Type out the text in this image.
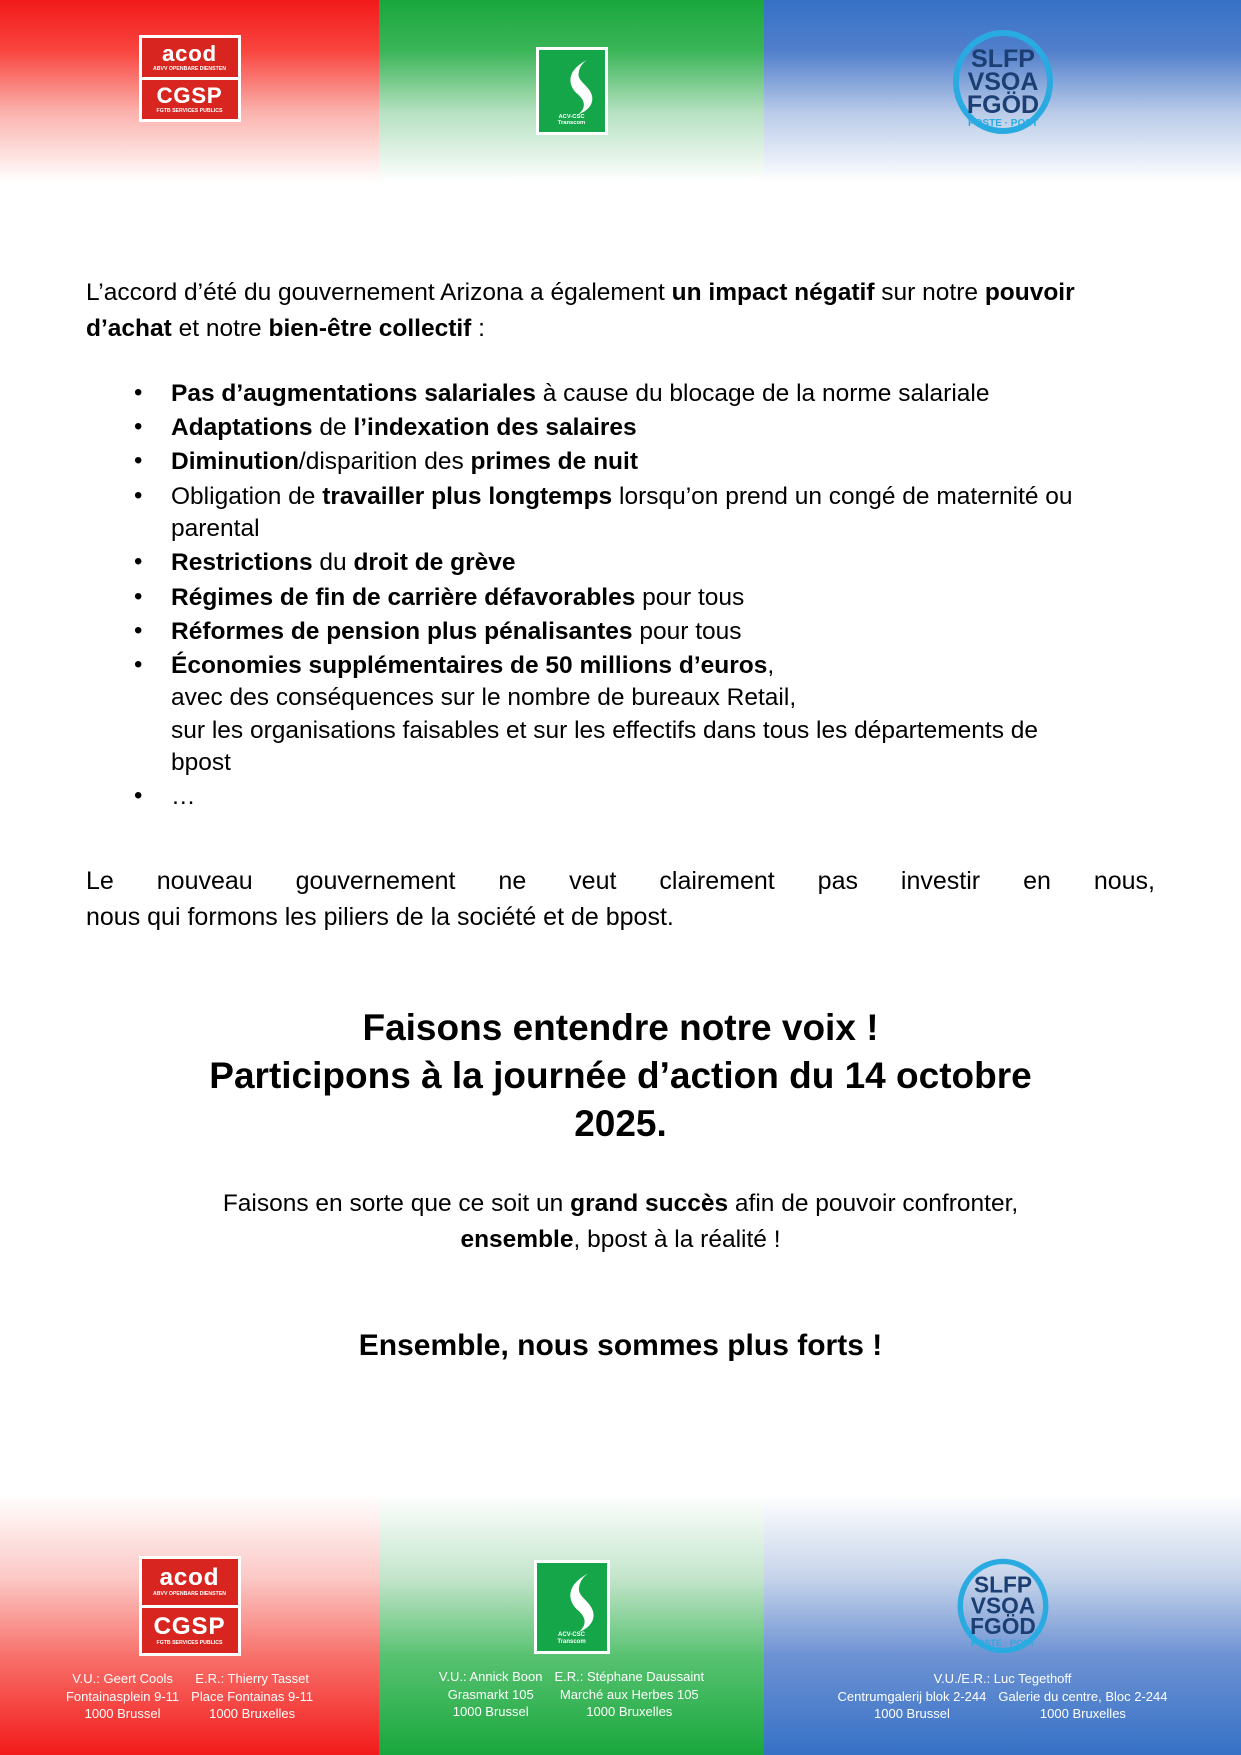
acod
ABVV OPENBARE DIENSTEN
CGSP
FGTB SERVICES PUBLICS
ACV-CSC
Transcom
SLFP
VSOA
FGÖD
POSTE · POST

L’accord d’été du gouvernement Arizona a également un impact négatif sur notre pouvoir d’achat et notre bien-être collectif :

• Pas d’augmentations salariales à cause du blocage de la norme salariale
• Adaptations de l’indexation des salaires
• Diminution/disparition des primes de nuit
• Obligation de travailler plus longtemps lorsqu’on prend un congé de maternité ou parental
• Restrictions du droit de grève
• Régimes de fin de carrière défavorables pour tous
• Réformes de pension plus pénalisantes pour tous
• Économies supplémentaires de 50 millions d’euros,
avec des conséquences sur le nombre de bureaux Retail,
sur les organisations faisables et sur les effectifs dans tous les départements de
bpost
• …

Le nouveau gouvernement ne veut clairement pas investir en nous,
nous qui formons les piliers de la société et de bpost.

Faisons entendre notre voix !
Participons à la journée d’action du 14 octobre
2025.

Faisons en sorte que ce soit un grand succès afin de pouvoir confronter,
ensemble, bpost à la réalité !

Ensemble, nous sommes plus forts !
acod
ABVV OPENBARE DIENSTEN
CGSP
FGTB SERVICES PUBLICS
V.U.: Geert Cools
Fontainasplein 9-11
1000 Brussel
E.R.: Thierry Tasset
Place Fontainas 9-11
1000 Bruxelles
ACV-CSC
Transcom
V.U.: Annick Boon
Grasmarkt 105
1000 Brussel
E.R.: Stéphane Daussaint
Marché aux Herbes 105
1000 Bruxelles
SLFP
VSOA
FGÖD
POSTE · POST
V.U./E.R.: Luc Tegethoff
Centrumgalerij blok 2-244
1000 Brussel
Galerie du centre, Bloc 2-244
1000 Bruxelles
